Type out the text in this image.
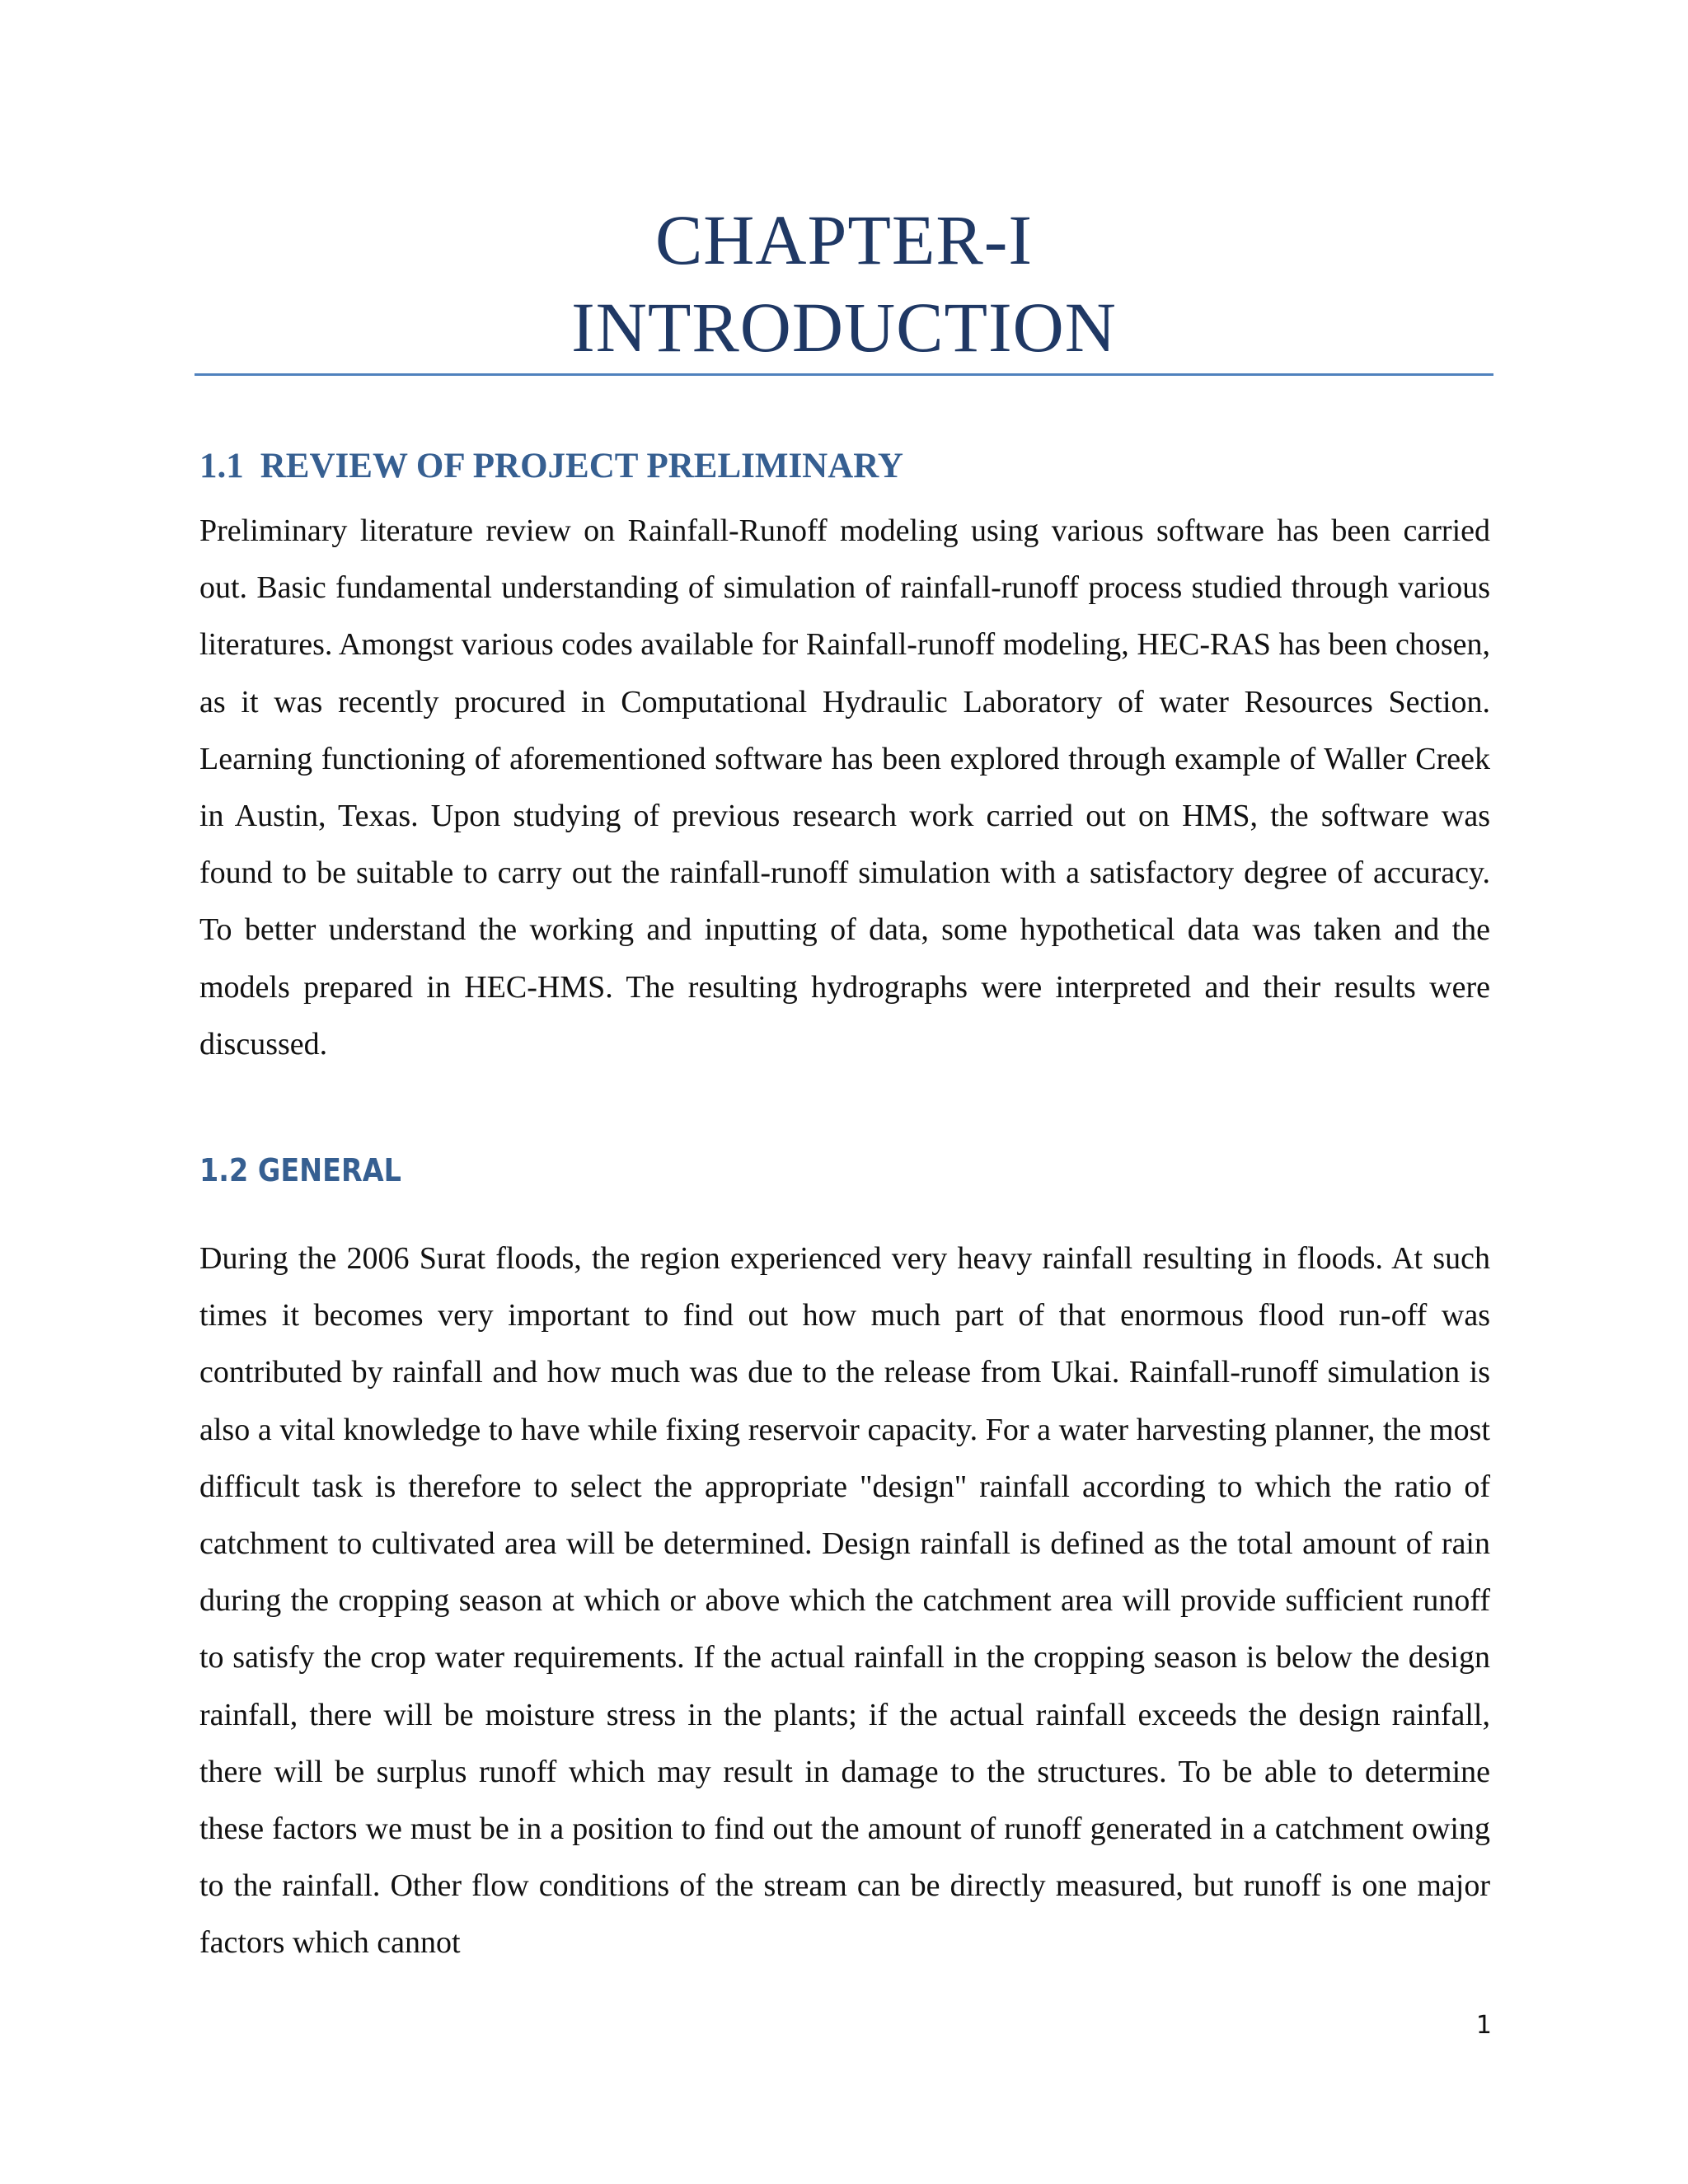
CHAPTER-I
INTRODUCTION
1.1 REVIEW OF PROJECT PRELIMINARY

Preliminary literature review on Rainfall-Runoff modeling using various software has been carried out. Basic fundamental understanding of simulation of rainfall-runoff process studied through various literatures. Amongst various codes available for Rainfall-runoff modeling, HEC-RAS has been chosen, as it was recently procured in Computational Hydraulic Laboratory of water Resources Section. Learning functioning of aforementioned software has been explored through example of Waller Creek in Austin, Texas. Upon studying of previous research work carried out on HMS, the software was found to be suitable to carry out the rainfall-runoff simulation with a satisfactory degree of accuracy. To better understand the working and inputting of data, some hypothetical data was taken and the models prepared in HEC-HMS. The resulting hydrographs were interpreted and their results were discussed.

1.2 GENERAL

During the 2006 Surat floods, the region experienced very heavy rainfall resulting in floods. At such times it becomes very important to find out how much part of that enormous flood run-off was contributed by rainfall and how much was due to the release from Ukai. Rainfall-runoff simulation is also a vital knowledge to have while fixing reservoir capacity. For a water harvesting planner, the most difficult task is therefore to select the appropriate "design" rainfall according to which the ratio of catchment to cultivated area will be determined. Design rainfall is defined as the total amount of rain during the cropping season at which or above which the catchment area will provide sufficient runoff to satisfy the crop water requirements. If the actual rainfall in the cropping season is below the design rainfall, there will be moisture stress in the plants; if the actual rainfall exceeds the design rainfall, there will be surplus runoff which may result in damage to the structures. To be able to determine these factors we must be in a position to find out the amount of runoff generated in a catchment owing to the rainfall. Other flow conditions of the stream can be directly measured, but runoff is one major factors which cannot

1
